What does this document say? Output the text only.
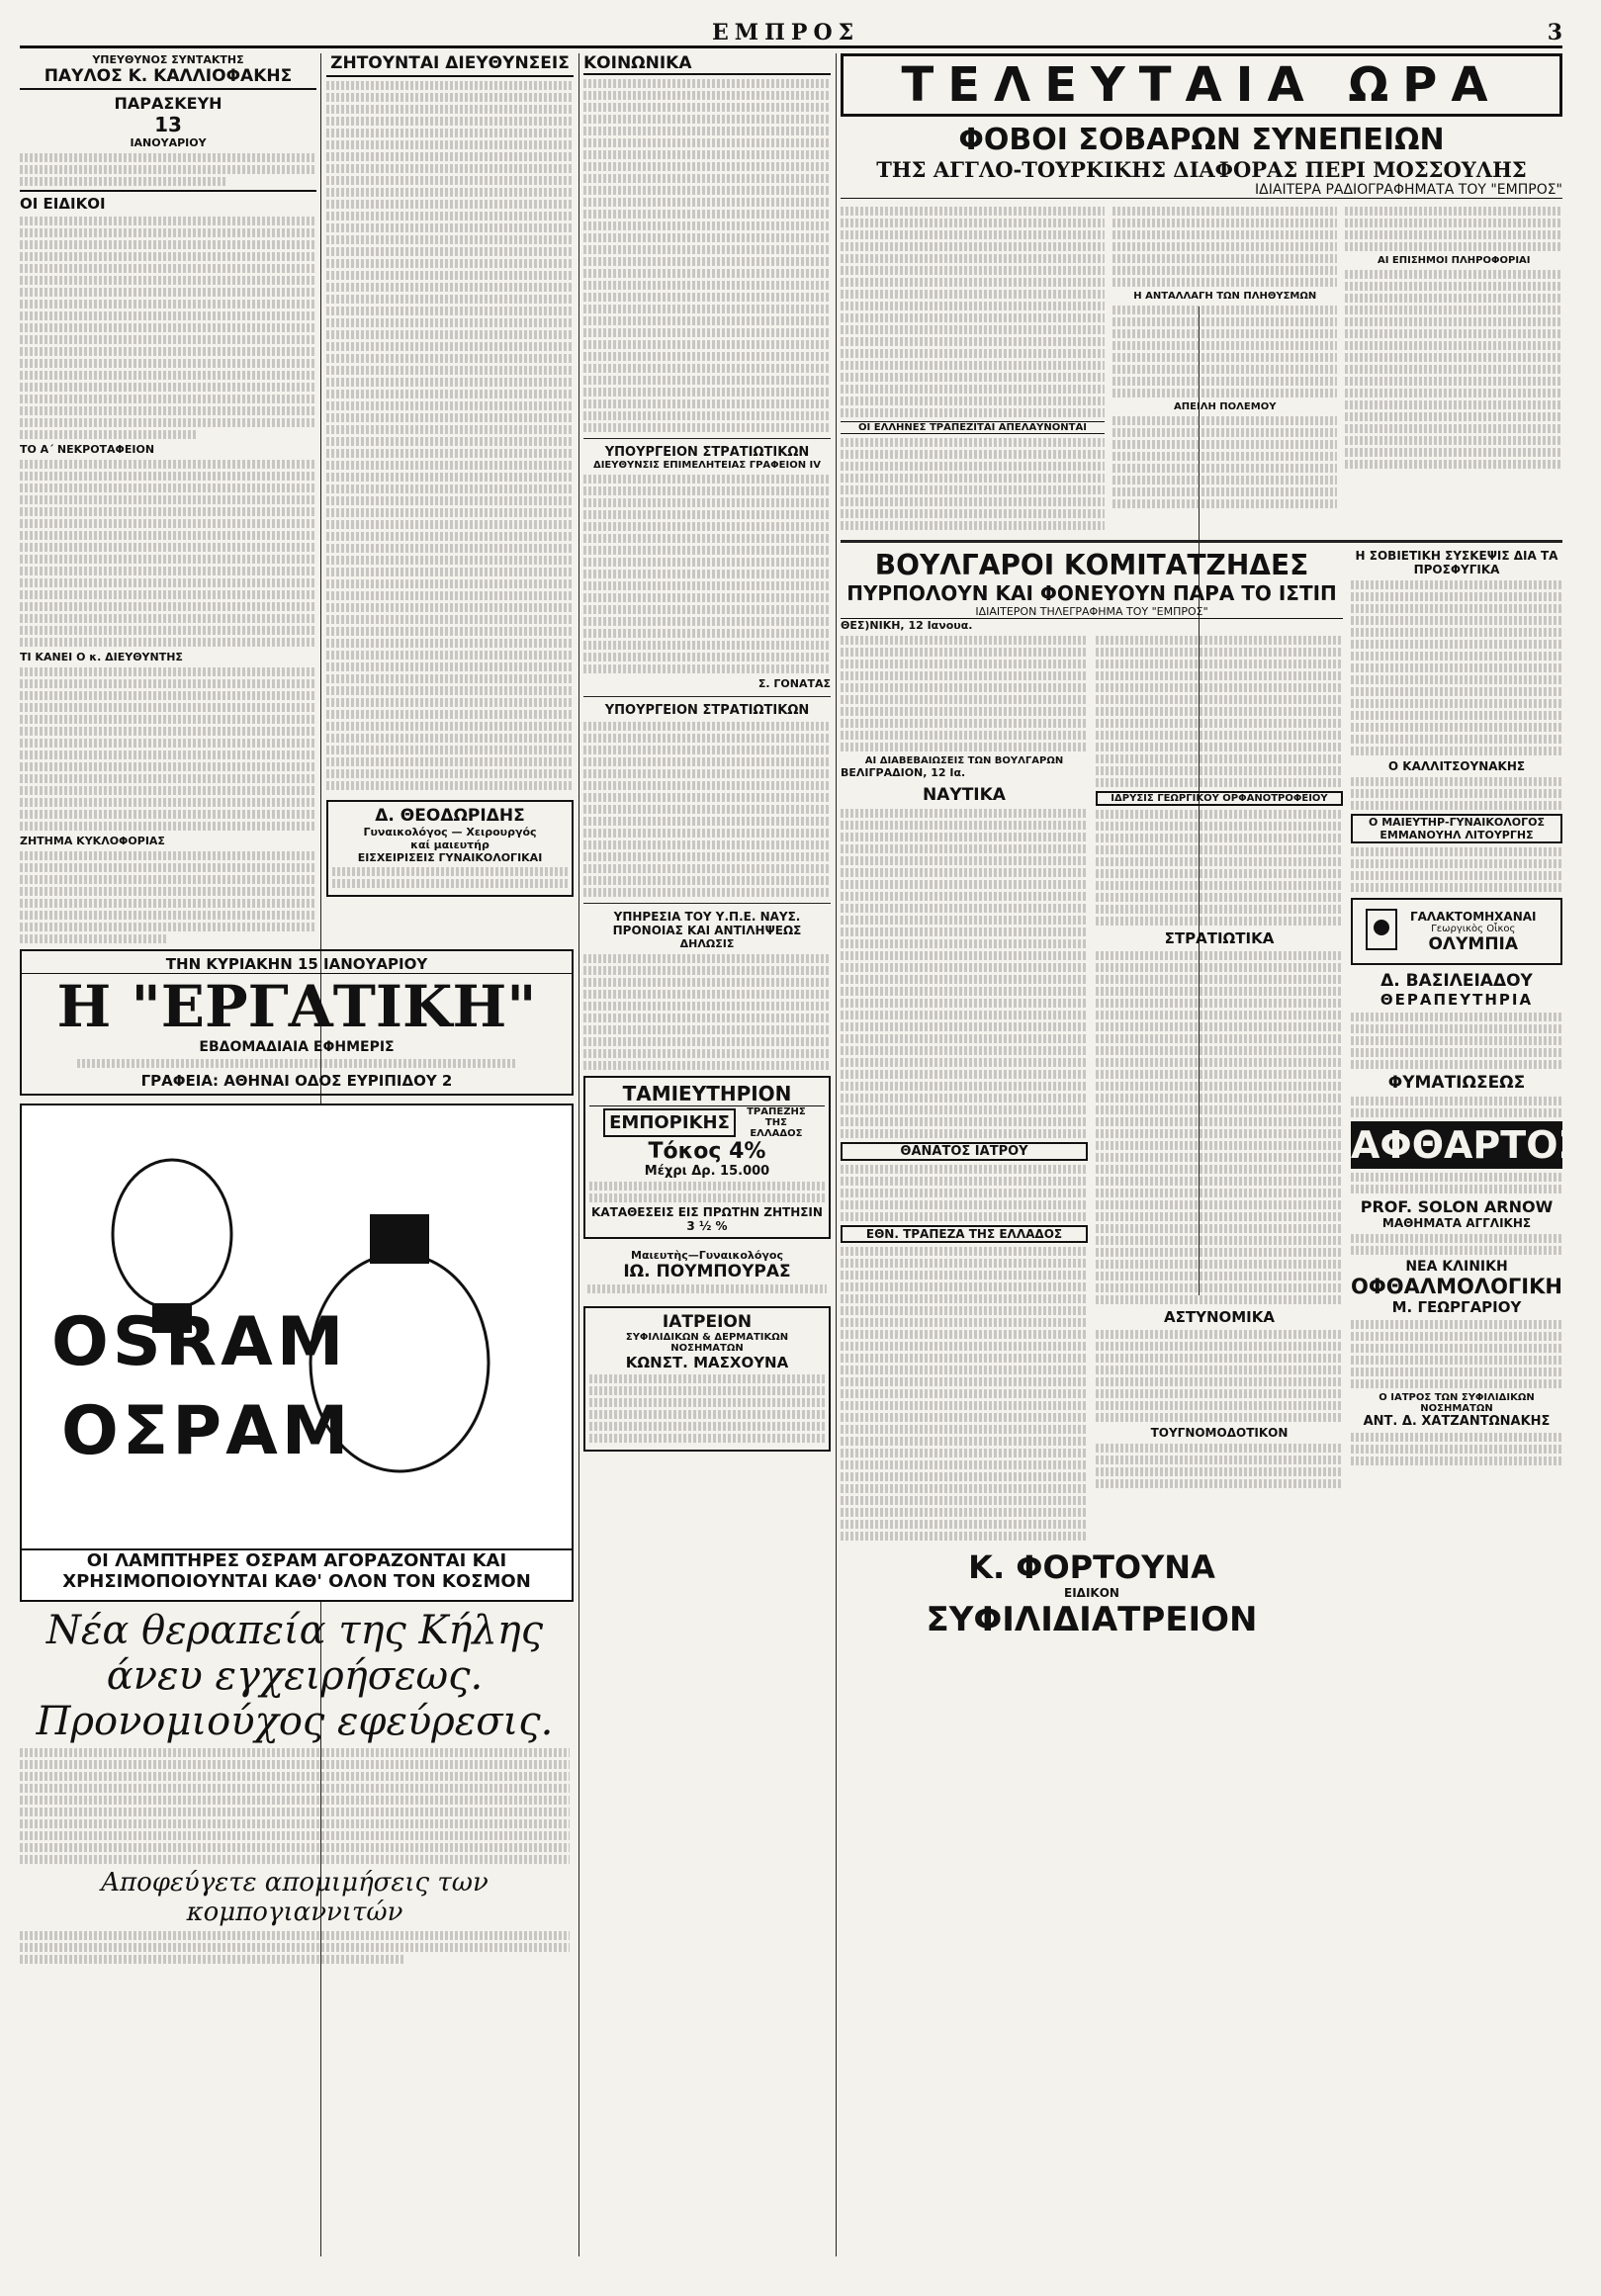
ΕΜΠΡΟΣ	3
ΥΠΕΥΘΥΝΟΣ ΣΥΝΤΑΚΤΗΣ
ΠΑΥΛΟΣ Κ. ΚΑΛΛΙΟΦΑΚΗΣ
ΠΑΡΑΣΚΕΥΗ
13
ΙΑΝΟΥΑΡΙΟΥ
ΟΙ ΕΙΔΙΚΟΙ
ΤΟ Α΄ ΝΕΚΡΟΤΑΦΕΙΟΝ
ΤΙ ΚΑΝΕΙ Ο κ. ΔΙΕΥΘΥΝΤΗΣ
ΖΗΤΗΜΑ ΚΥΚΛΟΦΟΡΙΑΣ
ΤΗΝ ΚΥΡΙΑΚΗΝ 15 ΙΑΝΟΥΑΡΙΟΥ
Η "ΕΡΓΑΤΙΚΗ"
ΕΒΔΟΜΑΔΙΑΙΑ ΕΦΗΜΕΡΙΣ
ΓΡΑΦΕΙΑ: ΑΘΗΝΑΙ ΟΔΟΣ ΕΥΡΙΠΙΔΟΥ 2
OSRAM
ΟΣΡΑΜ
ΟΙ ΛΑΜΠΤΗΡΕΣ ΟΣΡΑΜ ΑΓΟΡΑΖΟΝΤΑΙ ΚΑΙ ΧΡΗΣΙΜΟΠΟΙΟΥΝΤΑΙ ΚΑΘ' ΟΛΟΝ ΤΟΝ ΚΟΣΜΟΝ
Νέα θεραπεία της Κήλης
άνευ εγχειρήσεως.
Προνομιούχος εφεύρεσις.
Αποφεύγετε απομιμήσεις των κομπογιαννιτών
ΖΗΤΟΥΝΤΑΙ ΔΙΕΥΘΥΝΣΕΙΣ
Δ. ΘΕΟΔΩΡΙΔΗΣ
Γυναικολόγος — Χειρουργός
καί μαιευτήρ
ΕΙΣΧΕΙΡΙΣΕΙΣ ΓΥΝΑΙΚΟΛΟΓΙΚΑΙ
ΚΟΙΝΩΝΙΚΑ
ΥΠΟΥΡΓΕΙΟΝ ΣΤΡΑΤΙΩΤΙΚΩΝ
ΔΙΕΥΘΥΝΣΙΣ ΕΠΙΜΕΛΗΤΕΙΑΣ ΓΡΑΦΕΙΟΝ IV
Σ. ΓΟΝΑΤΑΣ
ΥΠΟΥΡΓΕΙΟΝ ΣΤΡΑΤΙΩΤΙΚΩΝ
ΥΠΗΡΕΣΙΑ ΤΟΥ Υ.Π.Ε. ΝΑΥΣ. ΠΡΟΝΟΙΑΣ ΚΑΙ ΑΝΤΙΛΗΨΕΩΣ
ΔΗΛΩΣΙΣ
ΤΑΜΙΕΥΤΗΡΙΟΝ
ΕΜΠΟΡΙΚΗΣ
ΤΡΑΠΕΖΗΣ ΤΗΣ ΕΛΛΑΔΟΣ
Τόκος 4%
Μέχρι Δρ. 15.000
ΚΑΤΑΘΕΣΕΙΣ ΕΙΣ ΠΡΩΤΗΝ ΖΗΤΗΣΙΝ 3 ½ %
Μαιευτὴς—Γυναικολόγος
ΙΩ. ΠΟΥΜΠΟΥΡΑΣ
ΙΑΤΡΕΙΟΝ
ΣΥΦΙΛΙΔΙΚΩΝ & ΔΕΡΜΑΤΙΚΩΝ ΝΟΣΗΜΑΤΩΝ
ΚΩΝΣΤ. ΜΑΣΧΟΥΝΑ
ΤΕΛΕΥΤΑΙΑ ΩΡΑ
ΦΟΒΟΙ ΣΟΒΑΡΩΝ ΣΥΝΕΠΕΙΩΝ
ΤΗΣ ΑΓΓΛΟ-ΤΟΥΡΚΙΚΗΣ ΔΙΑΦΟΡΑΣ ΠΕΡΙ ΜΟΣΣΟΥΛΗΣ
ΙΔΙΑΙΤΕΡΑ ΡΑΔΙΟΓΡΑΦΗΜΑΤΑ ΤΟΥ "ΕΜΠΡΟΣ"
ΟΙ ΕΛΛΗΝΕΣ ΤΡΑΠΕΖΙΤΑΙ ΑΠΕΛΑΥΝΟΝΤΑΙ
Η ΑΝΤΑΛΛΑΓΗ ΤΩΝ ΠΛΗΘΥΣΜΩΝ
ΑΠΕΙΛΗ ΠΟΛΕΜΟΥ
ΑΙ ΕΠΙΣΗΜΟΙ ΠΛΗΡΟΦΟΡΙΑΙ
ΒΟΥΛΓΑΡΟΙ ΚΟΜΙΤΑΤΖΗΔΕΣ
ΠΥΡΠΟΛΟΥΝ ΚΑΙ ΦΟΝΕΥΟΥΝ ΠΑΡΑ ΤΟ ΙΣΤΙΠ
ΙΔΙΑΙΤΕΡΟΝ ΤΗΛΕΓΡΑΦΗΜΑ ΤΟΥ "ΕΜΠΡΟΣ"
ΘΕΣ)ΝΙΚΗ, 12 Ιανουα.
ΑΙ ΔΙΑΒΕΒΑΙΩΣΕΙΣ ΤΩΝ ΒΟΥΛΓΑΡΩΝ
ΒΕΛΙΓΡΑΔΙΟΝ, 12 Ια.
ΝΑΥΤΙΚΑ
ΘΑΝΑΤΟΣ ΙΑΤΡΟΥ
ΕΘΝ. ΤΡΑΠΕΖΑ ΤΗΣ ΕΛΛΑΔΟΣ
ΙΔΡΥΣΙΣ ΓΕΩΡΓΙΚΟΥ ΟΡΦΑΝΟΤΡΟΦΕΙΟΥ
ΣΤΡΑΤΙΩΤΙΚΑ
ΑΣΤΥΝΟΜΙΚΑ
ΤΟΥΓΝΟΜΟΔΟΤΙΚΟΝ
Κ. ΦΟΡΤΟΥΝΑ
ΕΙΔΙΚΟΝ
ΣΥΦΙΛΙΔΙΑΤΡΕΙΟΝ
Η ΣΟΒΙΕΤΙΚΗ ΣΥΣΚΕΨΙΣ ΔΙΑ ΤΑ ΠΡΟΣΦΥΓΙΚΑ
Ο ΚΑΛΛΙΤΣΟΥΝΑΚΗΣ
Ο ΜΑΙΕΥΤΗΡ-ΓΥΝΑΙΚΟΛΟΓΟΣ ΕΜΜΑΝΟΥΗΛ ΛΙΤΟΥΡΓΗΣ
ΓΑΛΑΚΤΟΜΗΧΑΝΑΙ
Γεωργικὸς Οἶκος
ΟΛΥΜΠΙΑ
Δ. ΒΑΣΙΛΕΙΑΔΟΥ
ΘΕΡΑΠΕΥΤΗΡΙΑ
ΦΥΜΑΤΙΩΣΕΩΣ
ΑΦΘΑΡΤΟΣ!
PROF. SOLON ARNOW
ΜΑΘΗΜΑΤΑ ΑΓΓΛΙΚΗΣ
ΝΕΑ ΚΛΙΝΙΚΗ
ΟΦΘΑΛΜΟΛΟΓΙΚΗ
Μ. ΓΕΩΡΓΑΡΙΟΥ
Ο ΙΑΤΡΟΣ ΤΩΝ ΣΥΦΙΛΙΔΙΚΩΝ ΝΟΣΗΜΑΤΩΝ
ΑΝΤ. Δ. ΧΑΤΖΑΝΤΩΝΑΚΗΣ
